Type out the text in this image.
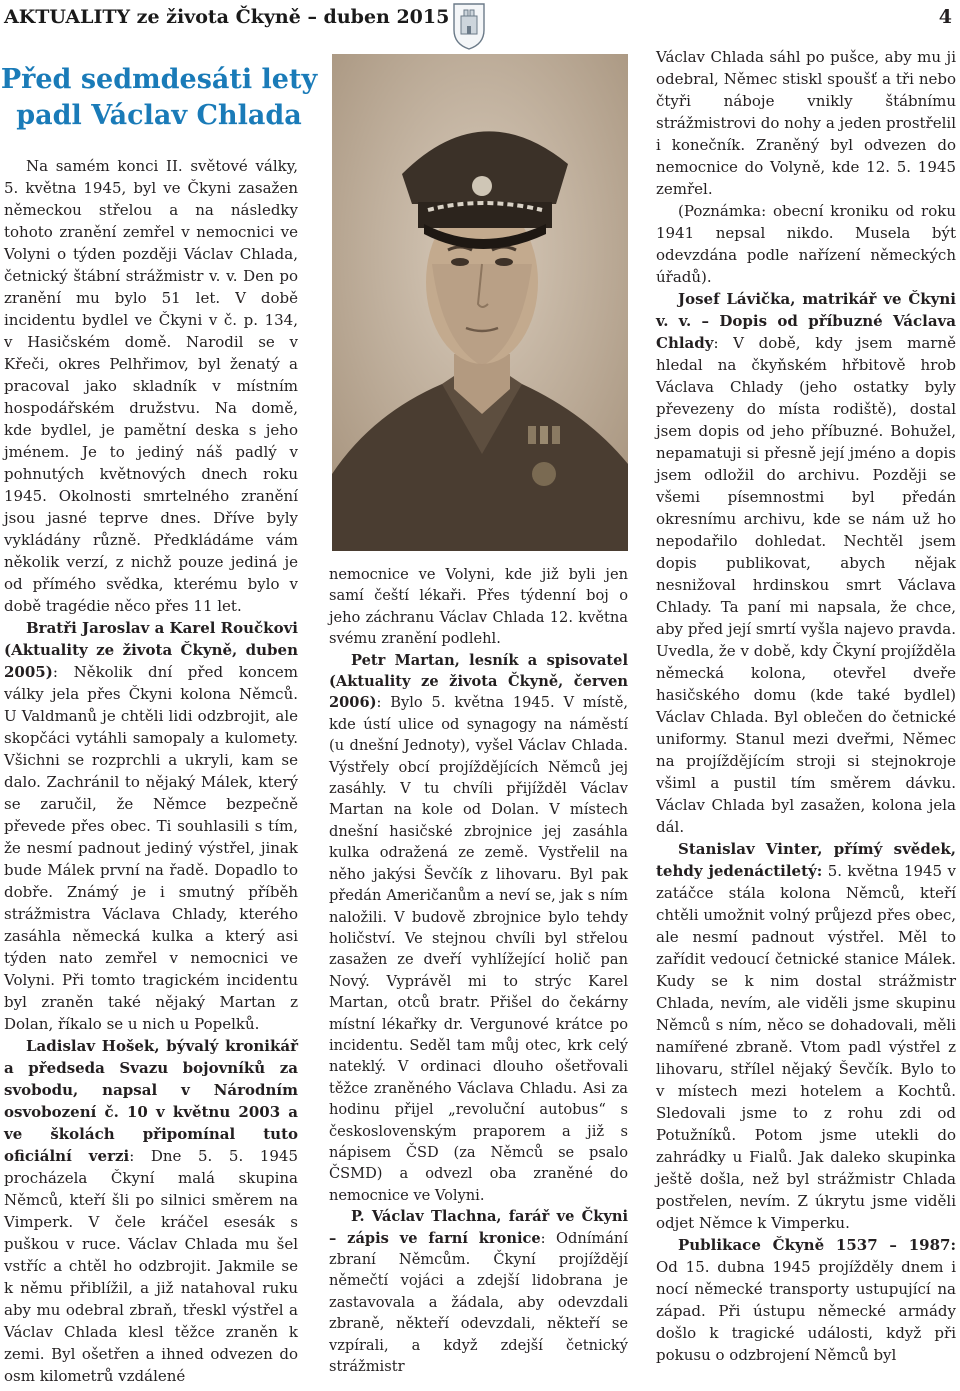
AKTUALITY ze života Čkyně – duben 2015	4
Před sedmdesáti lety
padl Václav Chlada

Na samém konci II. světové války, 5. května 1945, byl ve Čkyni zasažen německou střelou a na následky tohoto zranění zemřel v nemocnici ve Volyni o týden později Václav Chlada, četnický štábní strážmistr v. v. Den po zranění mu bylo 51 let. V době incidentu bydlel ve Čkyni v č. p. 134, v Hasičském domě. Narodil se v Křeči, okres Pelhřimov, byl ženatý a pracoval jako skladník v místním hospodářském družstvu. Na domě, kde bydlel, je pamětní deska s jeho jménem. Je to jediný náš padlý v pohnutých květnových dnech roku 1945. Okolnosti smrtelného zranění jsou jasné teprve dnes. Dříve byly vykládány různě. Předkládáme vám několik verzí, z nichž pouze jediná je od přímého svědka, kterému bylo v době tragédie něco přes 11 let.

Bratři Jaroslav a Karel Roučkovi (Aktuality ze života Čkyně, duben 2005): Několik dní před koncem války jela přes Čkyni kolona Němců. U Valdmanů je chtěli lidi odzbrojit, ale skopčáci vytáhli samopaly a kulomety. Všichni se rozprchli a ukryli, kam se dalo. Zachránil to nějaký Málek, který se zaručil, že Němce bezpečně převede přes obec. Ti souhlasili s tím, že nesmí padnout jediný výstřel, jinak bude Málek první na řadě. Dopadlo to dobře. Známý je i smutný příběh strážmistra Václava Chlady, kterého zasáhla německá kulka a který asi týden nato zemřel v nemocnici ve Volyni. Při tomto tragickém incidentu byl zraněn také nějaký Martan z Dolan, říkalo se u nich u Popelků.

Ladislav Hošek, bývalý kronikář a předseda Svazu bojovníků za svobodu, napsal v Národním osvobození č. 10 v květnu 2003 a ve školách připomínal tuto oficiální verzi: Dne 5. 5. 1945 procházela Čkyní malá skupina Němců, kteří šli po silnici směrem na Vimperk. V čele kráčel esesák s puškou v ruce. Václav Chlada mu šel vstříc a chtěl ho odzbrojit. Jakmile se k němu přiblížil, a již natahoval ruku aby mu odebral zbraň, třeskl výstřel a Václav Chlada klesl těžce zraněn k zemi. Byl ošetřen a ihned odvezen do osm kilometrů vzdálené

nemocnice ve Volyni, kde již byli jen samí čeští lékaři. Přes týdenní boj o jeho záchranu Václav Chlada 12. května svému zranění podlehl.

Petr Martan, lesník a spisovatel (Aktuality ze života Čkyně, červen 2006): Bylo 5. května 1945. V místě, kde ústí ulice od synagogy na náměstí (u dnešní Jednoty), vyšel Václav Chlada. Výstřely obcí projíždějících Němců jej zasáhly. V tu chvíli přijížděl Václav Martan na kole od Dolan. V místech dnešní hasičské zbrojnice jej zasáhla kulka odražená ze země. Vystřelil na něho jakýsi Ševčík z lihovaru. Byl pak předán Američanům a neví se, jak s ním naložili. V budově zbrojnice bylo tehdy holičství. Ve stejnou chvíli byl střelou zasažen ze dveří vyhlížející holič pan Nový. Vyprávěl mi to strýc Karel Martan, otců bratr. Přišel do čekárny místní lékařky dr. Vergunové krátce po incidentu. Seděl tam můj otec, krk celý nateklý. V ordinaci dlouho ošetřovali těžce zraněného Václava Chladu. Asi za hodinu přijel „revoluční autobus“ s československým praporem a již s nápisem ČSD (za Němců se psalo ČSMD) a odvezl oba zraněné do nemocnice ve Volyni.

P. Václav Tlachna, farář ve Čkyni – zápis ve farní kronice: Odnímání zbraní Němcům. Čkyní projíždějí němečtí vojáci a zdejší lidobrana je zastavovala a žádala, aby odevzdali zbraně, někteří odevzdali, někteří se vzpírali, a když zdejší četnický strážmistr

Václav Chlada sáhl po pušce, aby mu ji odebral, Němec stiskl spoušť a tři nebo čtyři náboje vnikly štábnímu strážmistrovi do nohy a jeden prostřelil i konečník. Zraněný byl odvezen do nemocnice do Volyně, kde 12. 5. 1945 zemřel.

(Poznámka: obecní kroniku od roku 1941 nepsal nikdo. Musela být odevzdána podle nařízení německých úřadů).

Josef Lávička, matrikář ve Čkyni v. v. – Dopis od příbuzné Václava Chlady: V době, kdy jsem marně hledal na čkyňském hřbitově hrob Václava Chlady (jeho ostatky byly převezeny do místa rodiště), dostal jsem dopis od jeho příbuzné. Bohužel, nepamatuji si přesně její jméno a dopis jsem odložil do archivu. Později se všemi písemnostmi byl předán okresnímu archivu, kde se nám už ho nepodařilo dohledat. Nechtěl jsem dopis publikovat, abych nějak nesnižoval hrdinskou smrt Václava Chlady. Ta paní mi napsala, že chce, aby před její smrtí vyšla najevo pravda. Uvedla, že v době, kdy Čkyní projížděla německá kolona, otevřel dveře hasičského domu (kde také bydlel) Václav Chlada. Byl oblečen do četnické uniformy. Stanul mezi dveřmi, Němec na projíždějícím stroji si stejnokroje všiml a pustil tím směrem dávku. Václav Chlada byl zasažen, kolona jela dál.

Stanislav Vinter, přímý svědek, tehdy jedenáctiletý: 5. května 1945 v zatáčce stála kolona Němců, kteří chtěli umožnit volný průjezd přes obec, ale nesmí padnout výstřel. Měl to zařídit vedoucí četnické stanice Málek. Kudy se k nim dostal strážmistr Chlada, nevím, ale viděli jsme skupinu Němců s ním, něco se dohadovali, měli namířené zbraně. Vtom padl výstřel z lihovaru, střílel nějaký Ševčík. Bylo to v místech mezi hotelem a Kochtů. Sledovali jsme to z rohu zdi od Potužníků. Potom jsme utekli do zahrádky u Fialů. Jak daleko skupinka ještě došla, než byl strážmistr Chlada postřelen, nevím. Z úkrytu jsme viděli odjet Němce k Vimperku.

Publikace Čkyně 1537 – 1987: Od 15. dubna 1945 projížděly dnem i nocí německé transporty ustupující na západ. Při ústupu německé armády došlo k tragické události, když při pokusu o odzbrojení Němců byl
